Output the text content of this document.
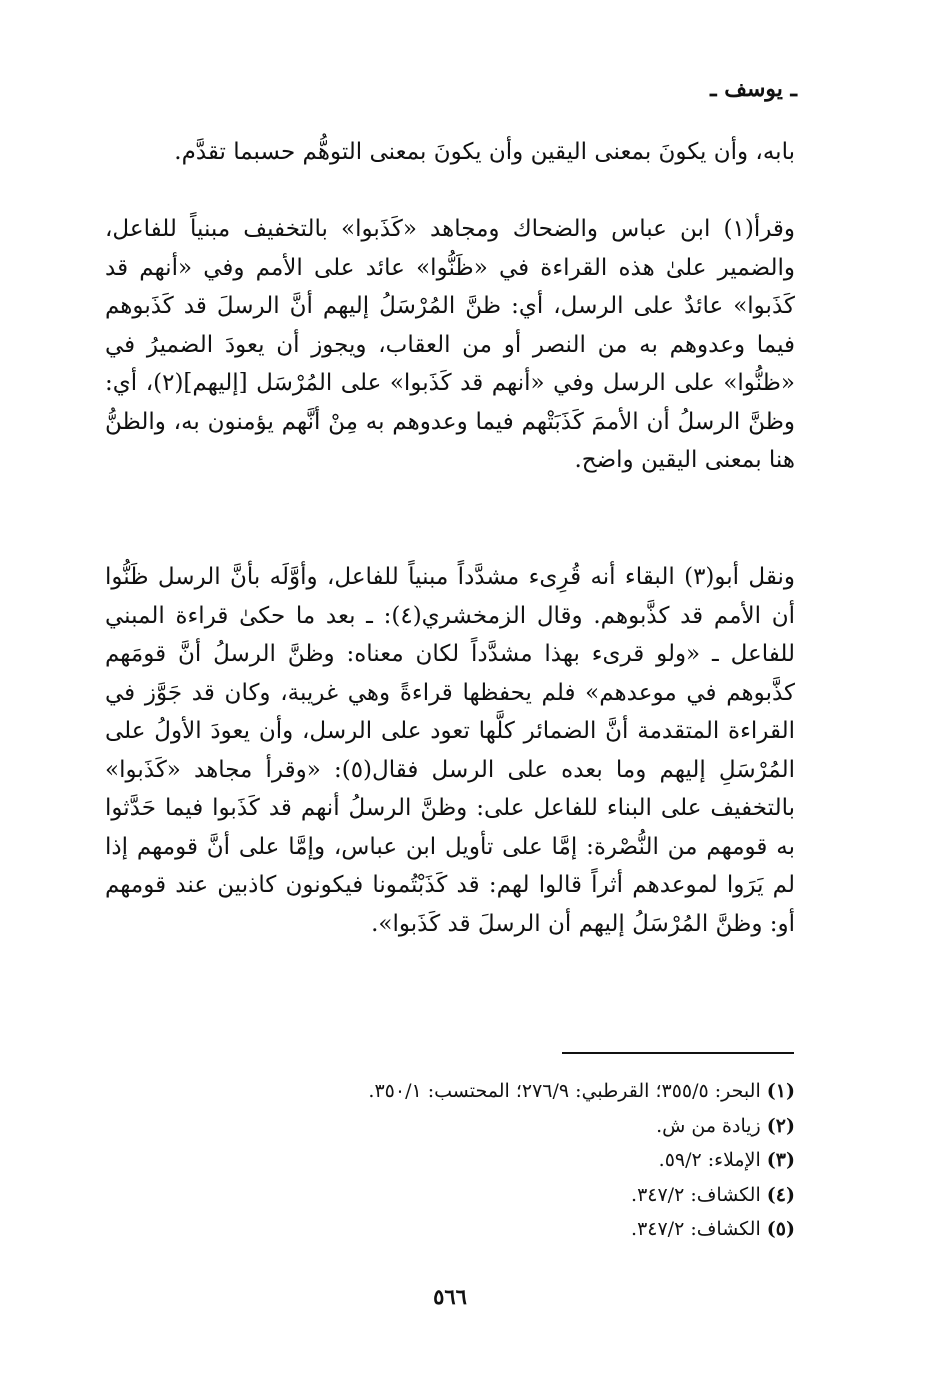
ـ يوسف ـ

بابه، وأن يكونَ بمعنى اليقين وأن يكونَ بمعنى التوهُّم حسبما تقدَّم.

وقرأ(١) ابن عباس والضحاك ومجاهد «كَذَبوا» بالتخفيف مبنياً للفاعل، والضمير علىٰ هذه القراءة في «ظَنُّوا» عائد على الأمم وفي «أنهم قد كَذَبوا» عائدٌ على الرسل، أي: ظنَّ المُرْسَلُ إليهم أنَّ الرسلَ قد كَذَبوهم فيما وعدوهم به من النصر أو من العقاب، ويجوز أن يعودَ الضميرُ في «ظنُّوا» على الرسل وفي «أنهم قد كَذَبوا» على المُرْسَل [إليهم](٢)، أي: وظنَّ الرسلُ أن الأممَ كَذَبَتْهم فيما وعدوهم به مِنْ أنَّهم يؤمنون به، والظنُّ هنا بمعنى اليقين واضح.

ونقل أبو(٣) البقاء أنه قُرِىء مشدَّداً مبنياً للفاعل، وأوَّلَه بأنَّ الرسل ظَنُّوا أن الأمم قد كذَّبوهم. وقال الزمخشري(٤): ـ بعد ما حكىٰ قراءة المبني للفاعل ـ «ولو قرىء بهذا مشدَّداً لكان معناه: وظنَّ الرسلُ أنَّ قومَهم كذَّبوهم في موعدهم» فلم يحفظها قراءةً وهي غريبة، وكان قد جَوَّز في القراءة المتقدمة أنَّ الضمائر كلَّها تعود على الرسل، وأن يعودَ الأولُ على المُرْسَلِ إليهم وما بعده على الرسل فقال(٥): «وقرأ مجاهد «كَذَبوا» بالتخفيف على البناء للفاعل على: وظنَّ الرسلُ أنهم قد كَذَبوا فيما حَدَّثوا به قومهم من النُّصْرة: إمَّا على تأويل ابن عباس، وإمَّا على أنَّ قومهم إذا لم يَرَوا لموعدهم أثراً قالوا لهم: قد كَذَبْتُمونا فيكونون كاذبين عند قومهم أو: وظنَّ المُرْسَلُ إليهم أن الرسلَ قد كَذَبوا».

(١) البحر: ٣٥٥/٥؛ القرطبي: ٢٧٦/٩؛ المحتسب: ٣٥٠/١.
(٢) زيادة من ش.
(٣) الإملاء: ٥٩/٢.
(٤) الكشاف: ٣٤٧/٢.
(٥) الكشاف: ٣٤٧/٢.
٥٦٦
